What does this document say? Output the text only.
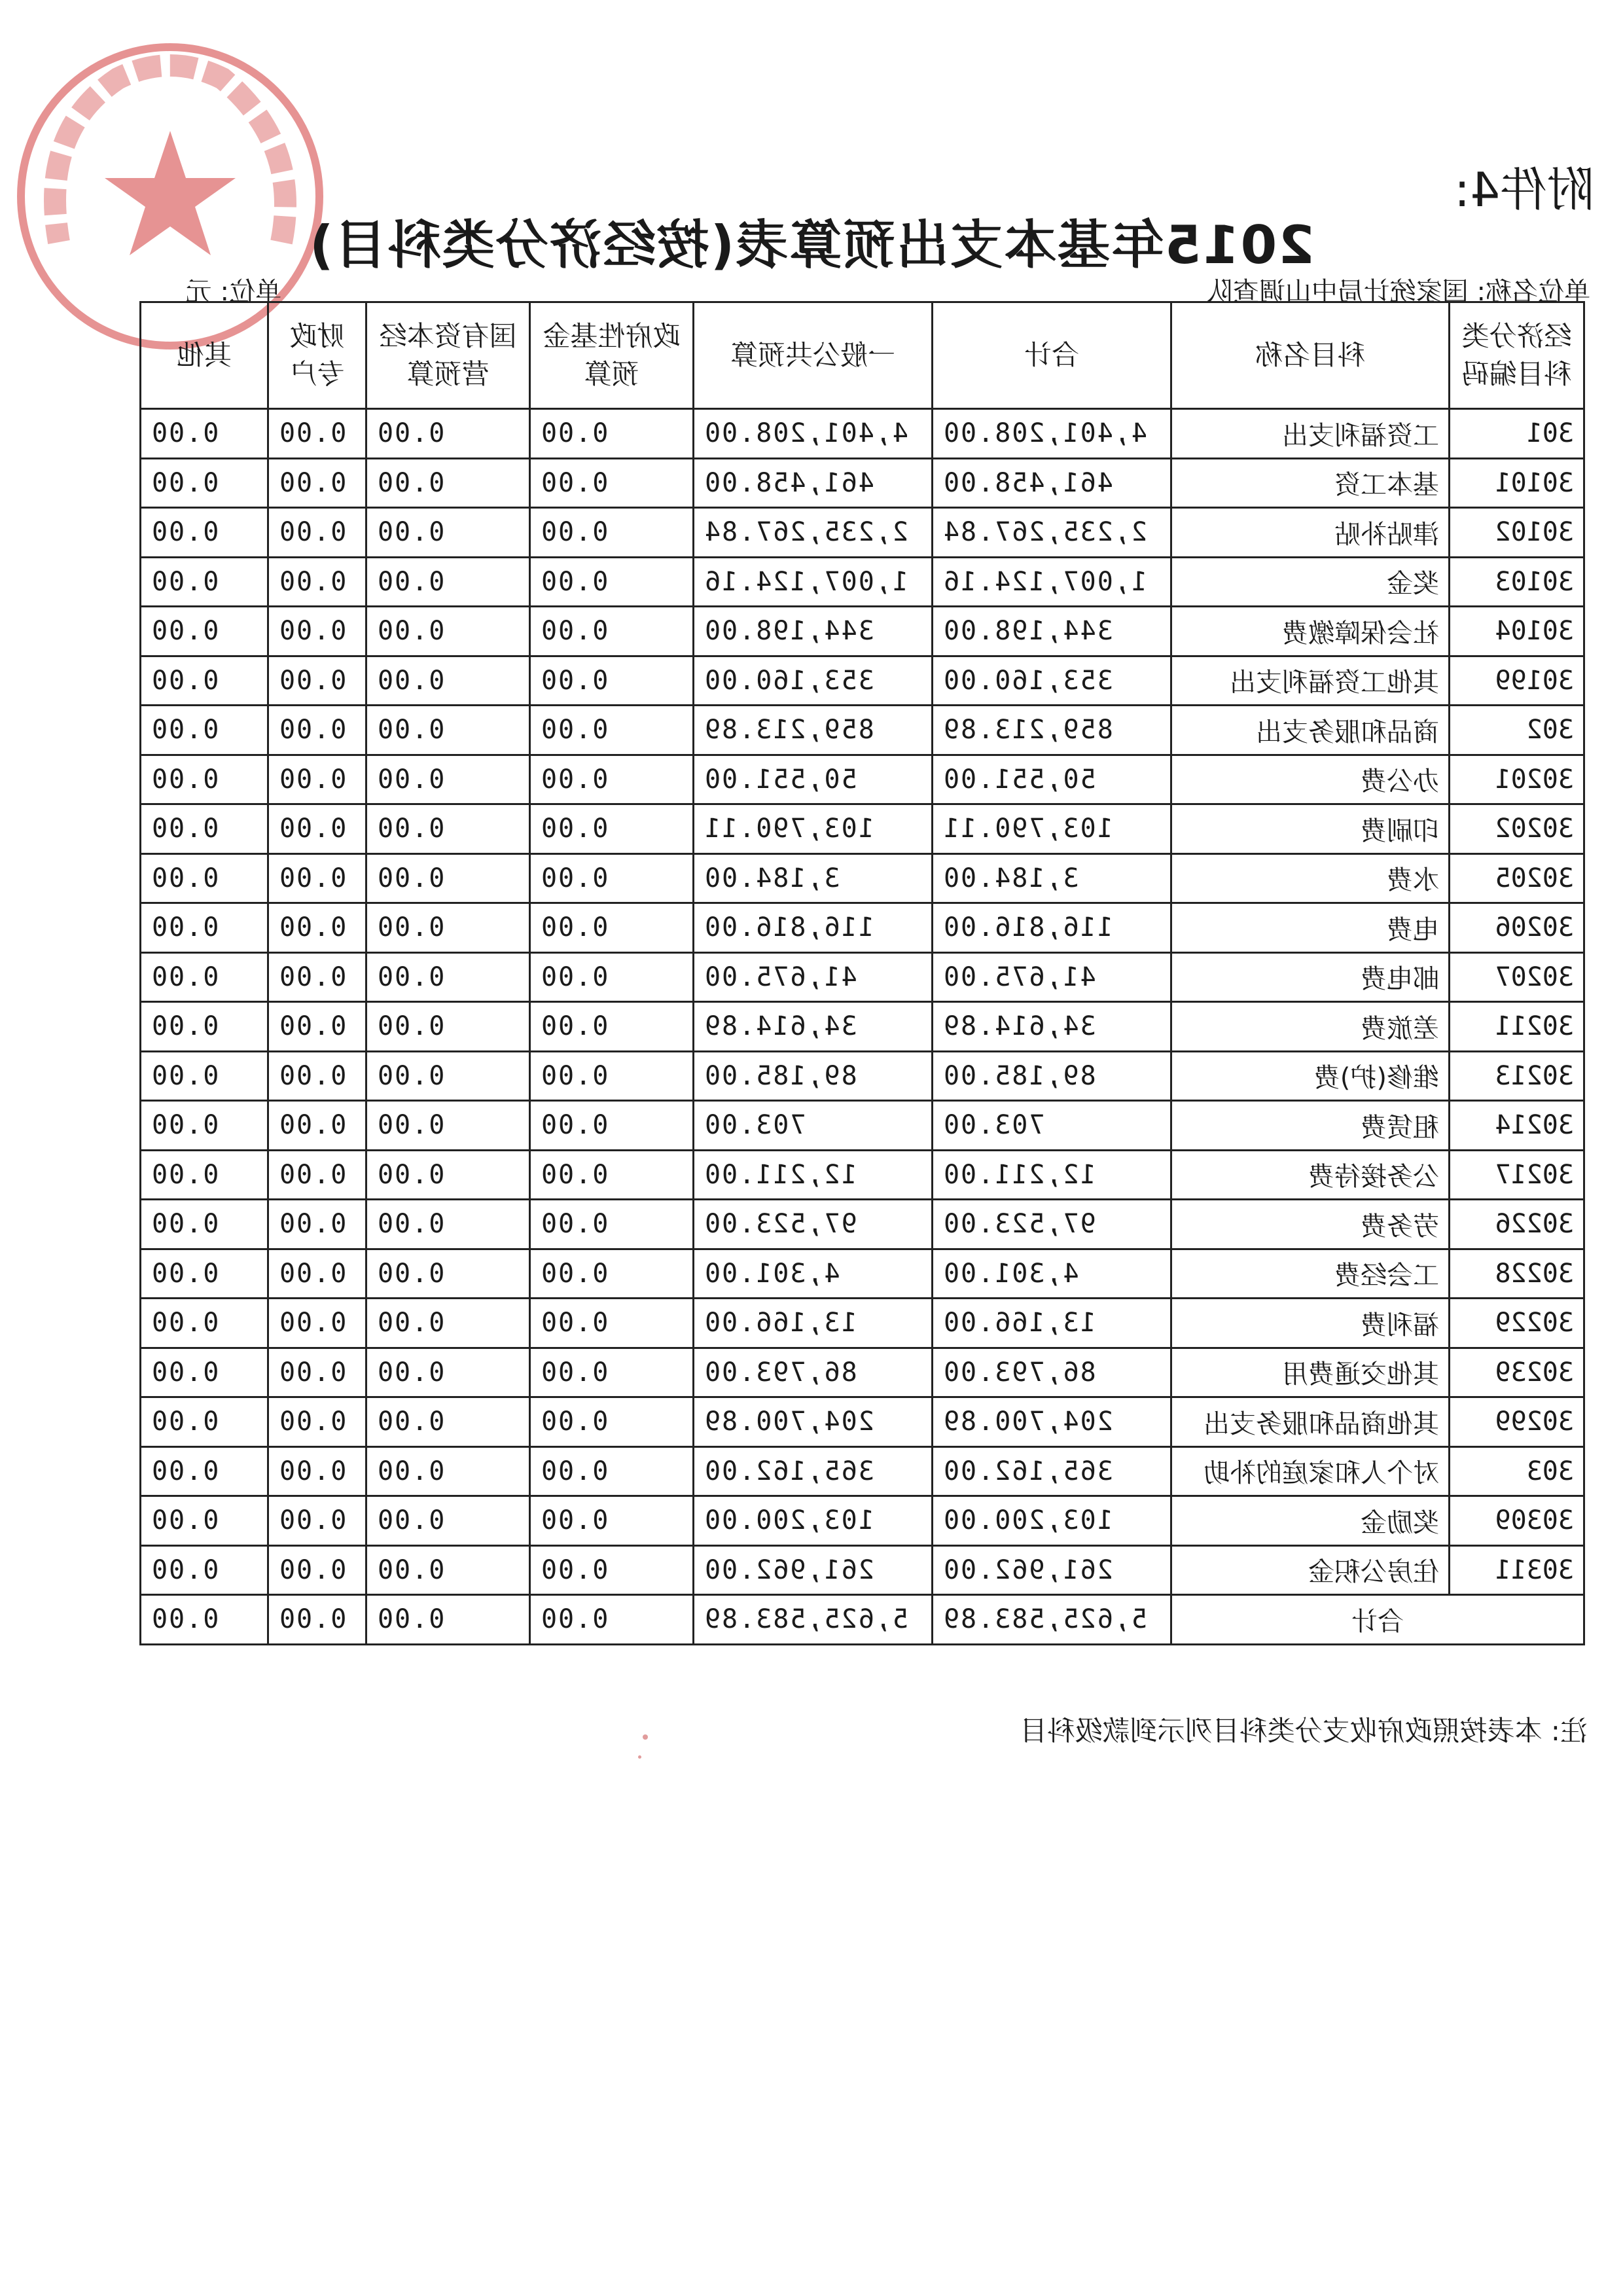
附件4:
2015年基本支出预算表(按经济分类科目)
单位名称: 国家统计局中山调查队
单位: 元
经济分类科目编码	科目名称	合计	一般公共预算	政府性基金预算	国有资本经营预算	财政专户	其他
301	工资福利支出	4,401,208.00	4,401,208.00	0.00	0.00	0.00	0.00
30101	基本工资	461,458.00	461,458.00	0.00	0.00	0.00	0.00
30102	津贴补贴	2,235,267.84	2,235,267.84	0.00	0.00	0.00	0.00
30103	奖金	1,007,124.16	1,007,124.16	0.00	0.00	0.00	0.00
30104	社会保障缴费	344,198.00	344,198.00	0.00	0.00	0.00	0.00
30199	其他工资福利支出	353,160.00	353,160.00	0.00	0.00	0.00	0.00
302	商品和服务支出	859,213.89	859,213.89	0.00	0.00	0.00	0.00
30201	办公费	50,551.00	50,551.00	0.00	0.00	0.00	0.00
30202	印刷费	103,790.11	103,790.11	0.00	0.00	0.00	0.00
30205	水费	3,184.00	3,184.00	0.00	0.00	0.00	0.00
30206	电费	116,816.00	116,816.00	0.00	0.00	0.00	0.00
30207	邮电费	41,675.00	41,675.00	0.00	0.00	0.00	0.00
30211	差旅费	34,614.89	34,614.89	0.00	0.00	0.00	0.00
30213	维修(护)费	89,185.00	89,185.00	0.00	0.00	0.00	0.00
30214	租赁费	703.00	703.00	0.00	0.00	0.00	0.00
30217	公务接待费	12,211.00	12,211.00	0.00	0.00	0.00	0.00
30226	劳务费	97,523.00	97,523.00	0.00	0.00	0.00	0.00
30228	工会经费	4,301.00	4,301.00	0.00	0.00	0.00	0.00
30229	福利费	13,166.00	13,166.00	0.00	0.00	0.00	0.00
30239	其他交通费用	86,793.00	86,793.00	0.00	0.00	0.00	0.00
30299	其他商品和服务支出	204,700.89	204,700.89	0.00	0.00	0.00	0.00
303	对个人和家庭的补助	365,162.00	365,162.00	0.00	0.00	0.00	0.00
30309	奖励金	103,200.00	103,200.00	0.00	0.00	0.00	0.00
30311	住房公积金	261,962.00	261,962.00	0.00	0.00	0.00	0.00
合计		5,625,583.89	5,625,583.89	0.00	0.00	0.00	0.00
注: 本表按照政府收支分类科目列示到款级科目
